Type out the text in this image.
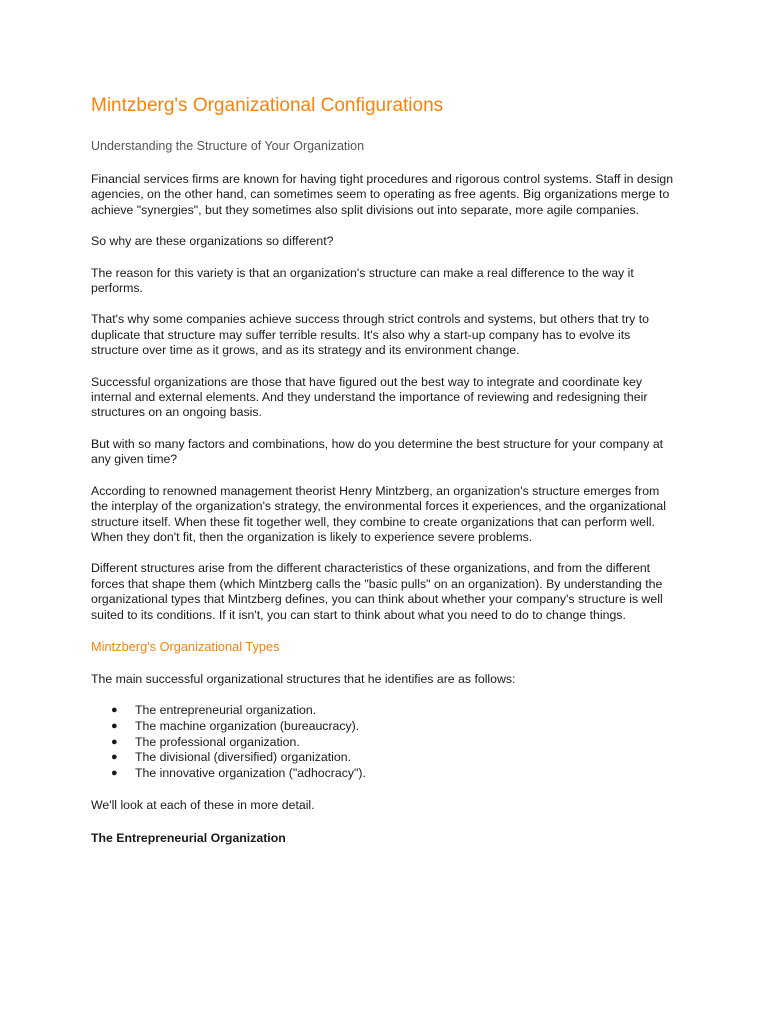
Mintzberg's Organizational Configurations
Understanding the Structure of Your Organization

Financial services firms are known for having tight procedures and rigorous control systems. Staff in design agencies, on the other hand, can sometimes seem to operating as free agents. Big organizations merge to achieve "synergies", but they sometimes also split divisions out into separate, more agile companies.

So why are these organizations so different?

The reason for this variety is that an organization's structure can make a real difference to the way it performs.

That's why some companies achieve success through strict controls and systems, but others that try to duplicate that structure may suffer terrible results. It's also why a start-up company has to evolve its structure over time as it grows, and as its strategy and its environment change.

Successful organizations are those that have figured out the best way to integrate and coordinate key internal and external elements. And they understand the importance of reviewing and redesigning their structures on an ongoing basis.

But with so many factors and combinations, how do you determine the best structure for your company at any given time?

According to renowned management theorist Henry Mintzberg, an organization's structure emerges from the interplay of the organization's strategy, the environmental forces it experiences, and the organizational structure itself. When these fit together well, they combine to create organizations that can perform well. When they don't fit, then the organization is likely to experience severe problems.

Different structures arise from the different characteristics of these organizations, and from the different forces that shape them (which Mintzberg calls the "basic pulls" on an organization). By understanding the organizational types that Mintzberg defines, you can think about whether your company's structure is well suited to its conditions. If it isn't, you can start to think about what you need to do to change things.

Mintzberg's Organizational Types

The main successful organizational structures that he identifies are as follows:

●	The entrepreneurial organization.
●	The machine organization (bureaucracy).
●	The professional organization.
●	The divisional (diversified) organization.
●	The innovative organization ("adhocracy").

We'll look at each of these in more detail.

The Entrepreneurial Organization
